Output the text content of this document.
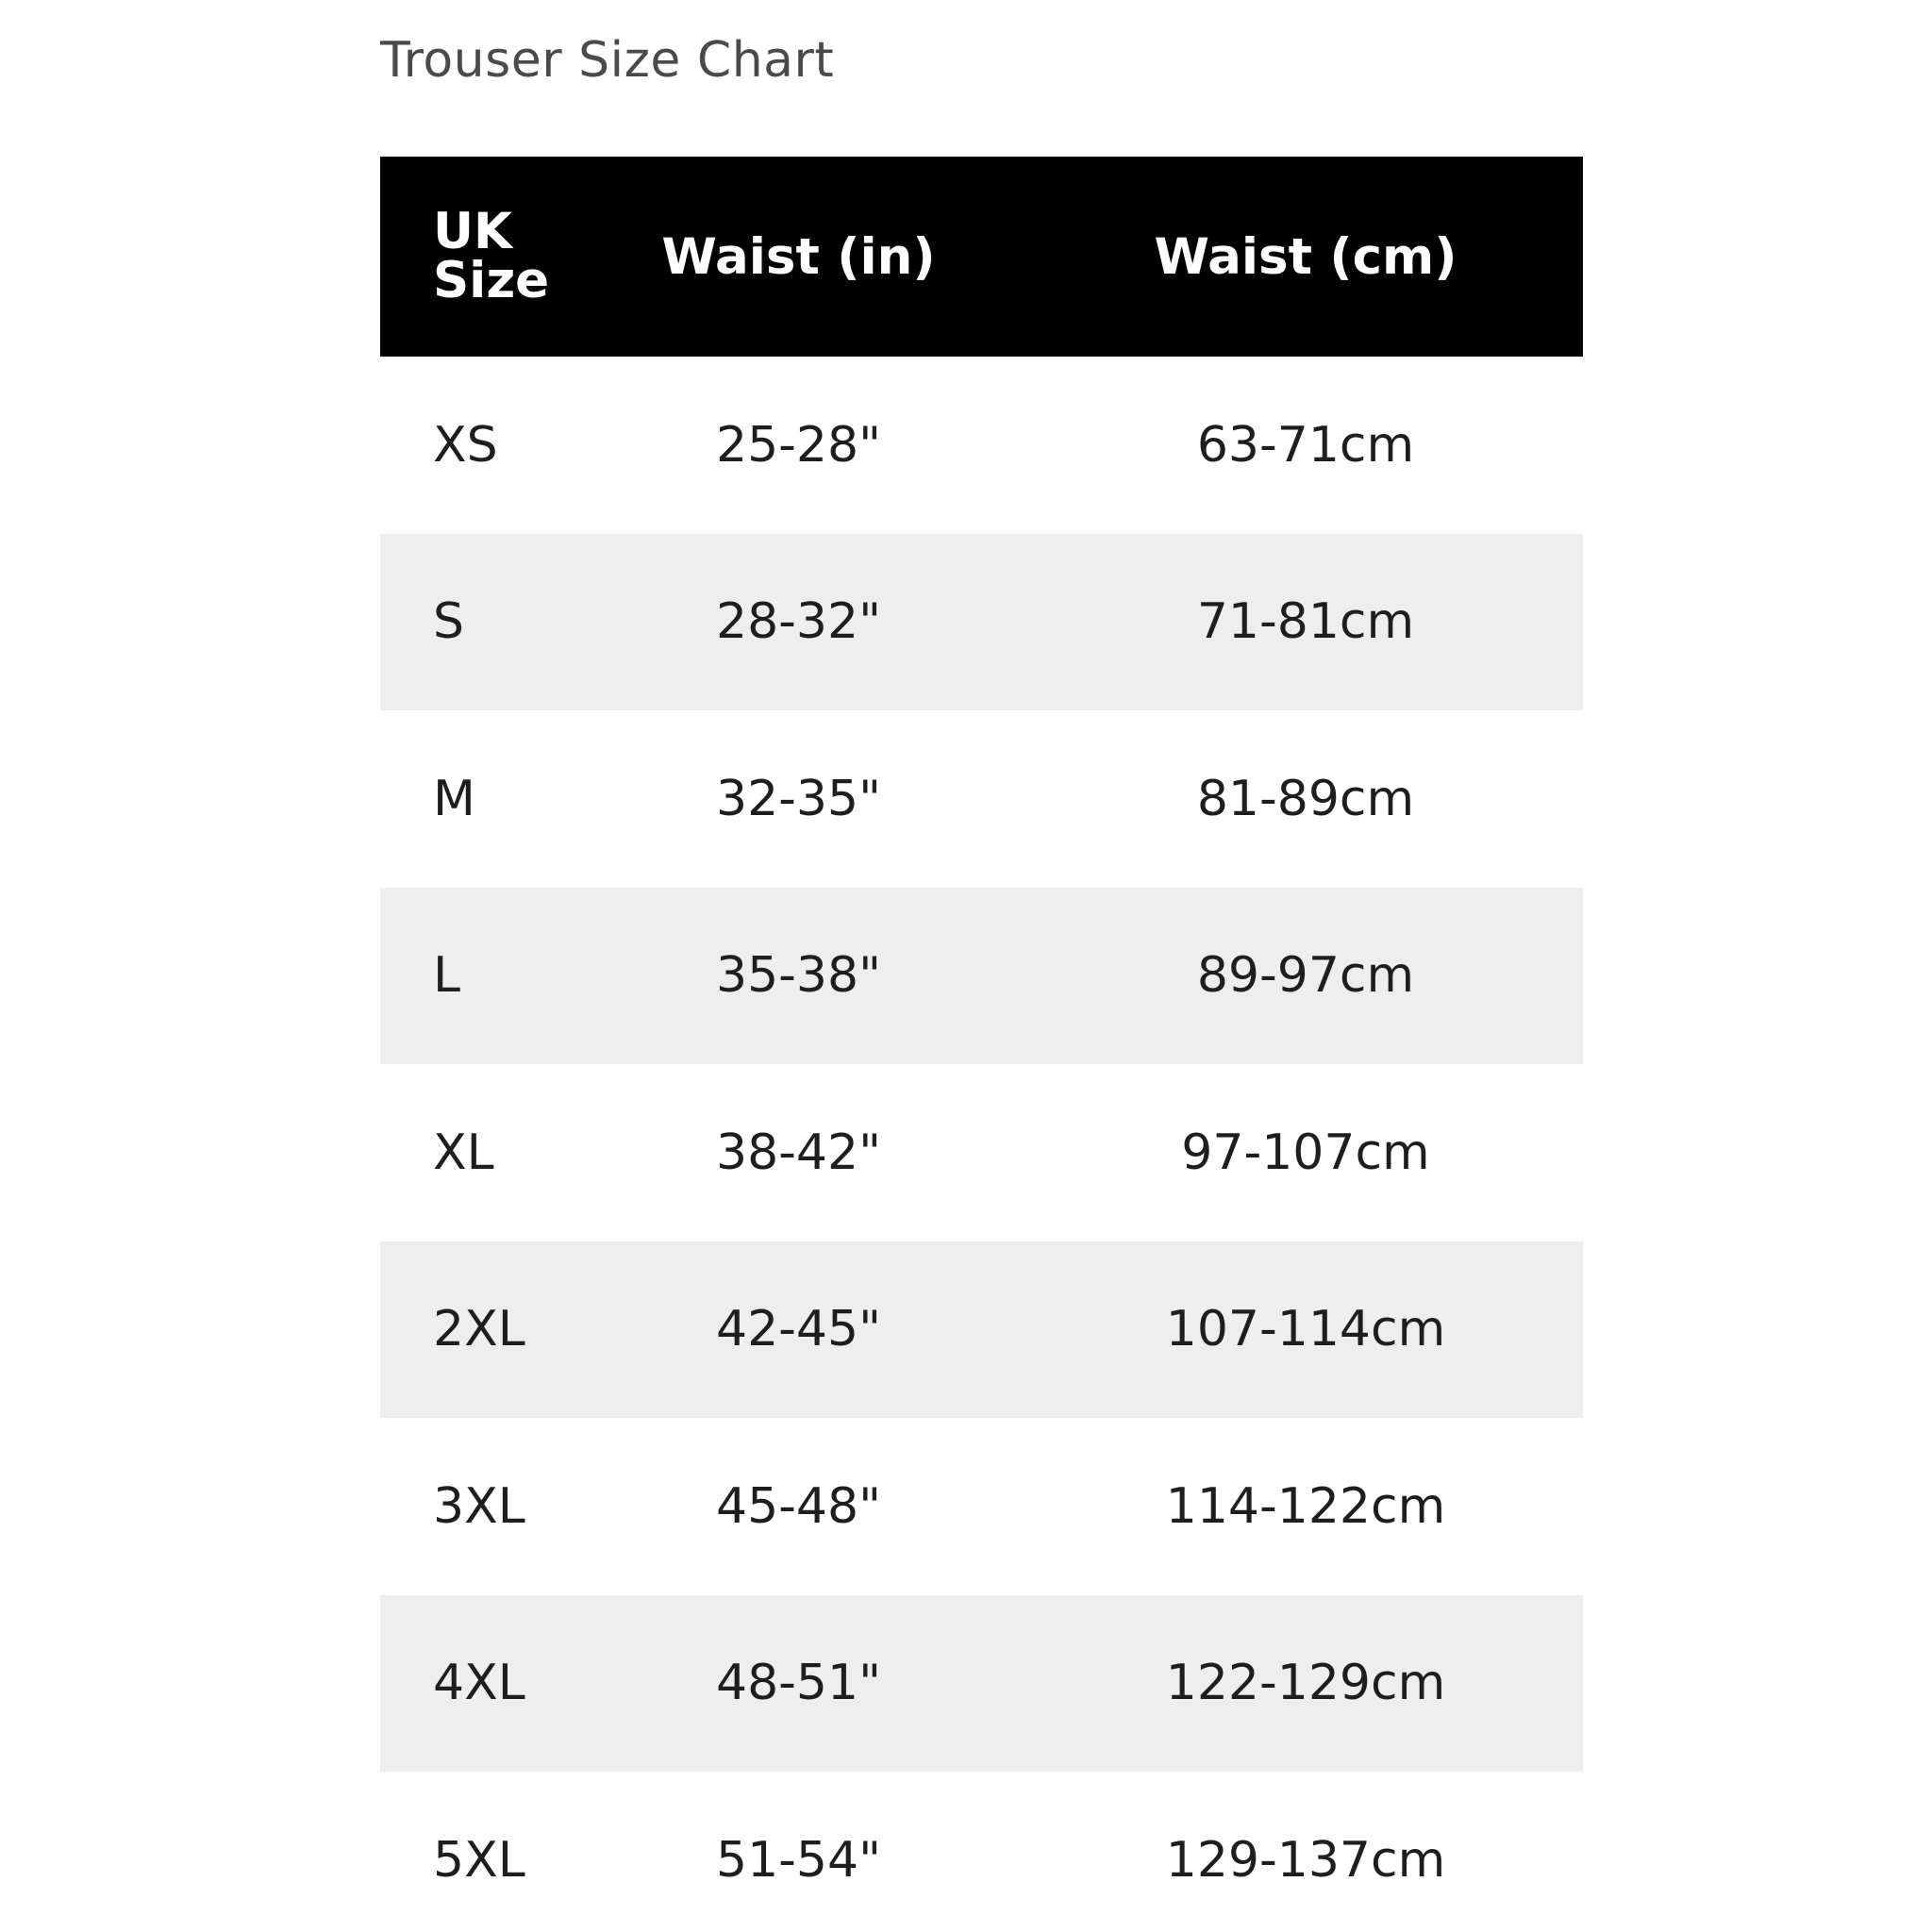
Trouser Size Chart
UK
Size	Waist (in)	Waist (cm)
XS	25-28"	63-71cm
S	28-32"	71-81cm
M	32-35"	81-89cm
L	35-38"	89-97cm
XL	38-42"	97-107cm
2XL	42-45"	107-114cm
3XL	45-48"	114-122cm
4XL	48-51"	122-129cm
5XL	51-54"	129-137cm
